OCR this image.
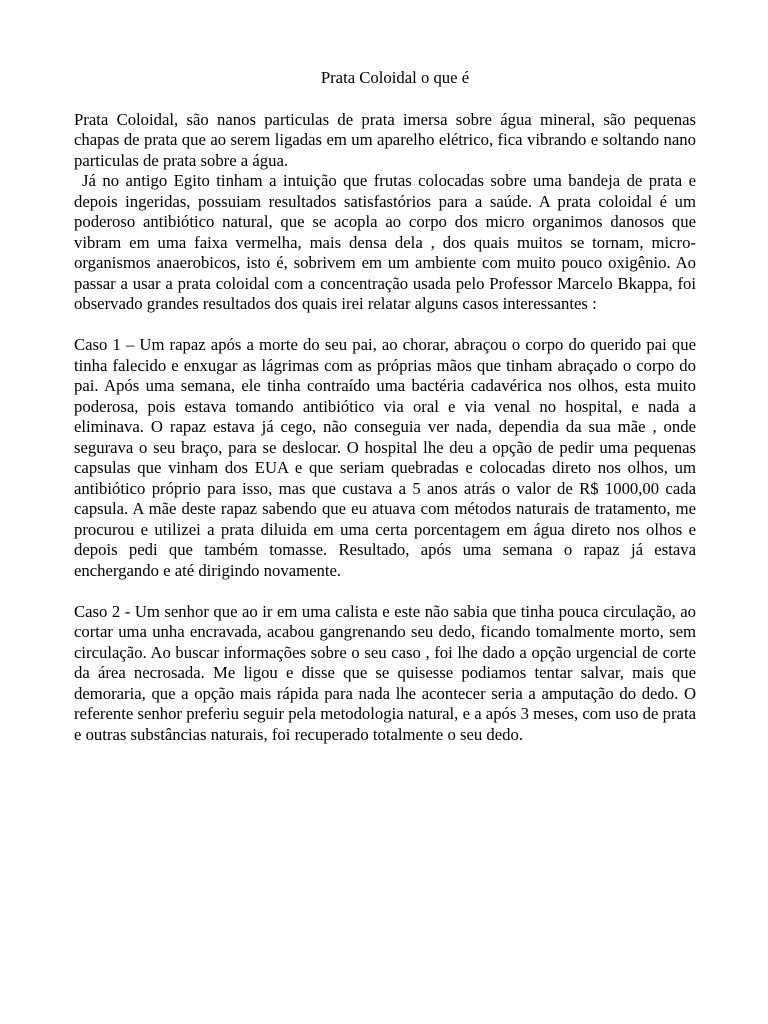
Prata Coloidal o que é

Prata Coloidal, são nanos particulas de prata imersa sobre água mineral, são pequenas chapas de prata que ao serem ligadas em um aparelho elétrico, fica vibrando e soltando nano particulas de prata sobre a água.

Já no antigo Egito tinham a intuição que frutas colocadas sobre uma bandeja de prata e depois ingeridas, possuiam resultados satisfastórios para a saúde. A prata coloidal é um poderoso antibiótico natural, que se acopla ao corpo dos micro organimos danosos que vibram em uma faixa vermelha, mais densa dela , dos quais muitos se tornam, micro-organismos anaerobicos, isto é, sobrivem em um ambiente com muito pouco oxigênio. Ao passar a usar a prata coloidal com a concentração usada pelo Professor Marcelo Bkappa, foi observado grandes resultados dos quais irei relatar alguns casos interessantes :

Caso 1 – Um rapaz após a morte do seu pai, ao chorar, abraçou o corpo do querido pai que tinha falecido e enxugar as lágrimas com as próprias mãos que tinham abraçado o corpo do pai. Após uma semana, ele tinha contraído uma bactéria cadavérica nos olhos, esta muito poderosa, pois estava tomando antibiótico via oral e via venal no hospital, e nada a eliminava. O rapaz estava já cego, não conseguia ver nada, dependia da sua mãe , onde segurava o seu braço, para se deslocar. O hospital lhe deu a opção de pedir uma pequenas capsulas que vinham dos EUA e que seriam quebradas e colocadas direto nos olhos, um antibiótico próprio para isso, mas que custava a 5 anos atrás o valor de R$ 1000,00 cada capsula. A mãe deste rapaz sabendo que eu atuava com métodos naturais de tratamento, me procurou e utilizei a prata diluida em uma certa porcentagem em água direto nos olhos e depois pedi que também tomasse. Resultado, após uma semana o rapaz já estava enchergando e até dirigindo novamente.

Caso 2 - Um senhor que ao ir em uma calista e este não sabia que tinha pouca circulação, ao cortar uma unha encravada, acabou gangrenando seu dedo, ficando tomalmente morto, sem circulação. Ao buscar informações sobre o seu caso , foi lhe dado a opção urgencial de corte da área necrosada. Me ligou e disse que se quisesse podiamos tentar salvar, mais que demoraria, que a opção mais rápida para nada lhe acontecer seria a amputação do dedo. O referente senhor preferiu seguir pela metodologia natural, e a após 3 meses, com uso de prata e outras substâncias naturais, foi recuperado totalmente o seu dedo.
